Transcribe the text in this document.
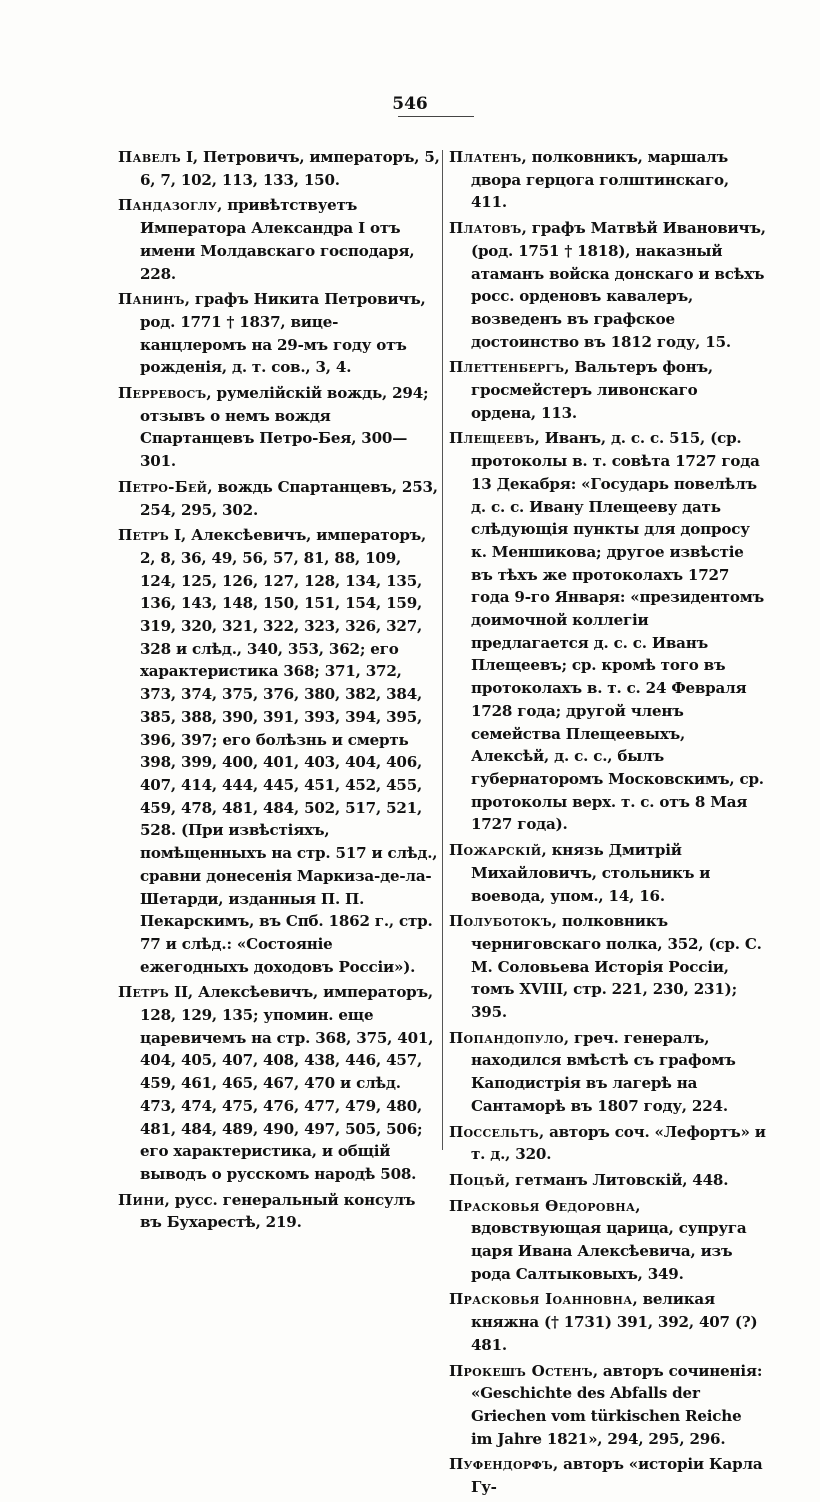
546

Павелъ I, Петровичъ, императоръ, 5, 6, 7, 102, 113, 133, 150.

Пандазоглу, привѣтствуетъ Императора Александра I отъ имени Молдавскаго господаря, 228.

Панинъ, графъ Никита Петровичъ, род. 1771 † 1837, вице-канцлеромъ на 29-мъ году отъ рожденія, д. т. сов., 3, 4.

Перревосъ, румелійскій вождь, 294; отзывъ о немъ вождя Спартанцевъ Петро-Бея, 300—301.

Петро-Бей, вождь Спартанцевъ, 253, 254, 295, 302.

Петръ I, Алексѣевичъ, императоръ, 2, 8, 36, 49, 56, 57, 81, 88, 109, 124, 125, 126, 127, 128, 134, 135, 136, 143, 148, 150, 151, 154, 159, 319, 320, 321, 322, 323, 326, 327, 328 и слѣд., 340, 353, 362; его характеристика 368; 371, 372, 373, 374, 375, 376, 380, 382, 384, 385, 388, 390, 391, 393, 394, 395, 396, 397; его болѣзнь и смерть 398, 399, 400, 401, 403, 404, 406, 407, 414, 444, 445, 451, 452, 455, 459, 478, 481, 484, 502, 517, 521, 528. (При извѣстіяхъ, помѣщенныхъ на стр. 517 и слѣд., сравни донесенія Маркиза-де-ла-Шетарди, изданныя П. П. Пекарскимъ, въ Спб. 1862 г., стр. 77 и слѣд.: «Состояніе ежегодныхъ доходовъ Россіи»).

Петръ II, Алексѣевичъ, императоръ, 128, 129, 135; упомин. еще царевичемъ на стр. 368, 375, 401, 404, 405, 407, 408, 438, 446, 457, 459, 461, 465, 467, 470 и слѣд. 473, 474, 475, 476, 477, 479, 480, 481, 484, 489, 490, 497, 505, 506; его характеристика, и общій выводъ о русскомъ народѣ 508.

Пини, русс. генеральный консулъ въ Бухарестѣ, 219.

Платенъ, полковникъ, маршалъ двора герцога голштинскаго, 411.

Платовъ, графъ Матвѣй Ивановичъ, (род. 1751 † 1818), наказный атаманъ войска донскаго и всѣхъ росс. орденовъ кавалеръ, возведенъ въ графское достоинство въ 1812 году, 15.

Плеттенбергъ, Вальтеръ фонъ, гросмейстеръ ливонскаго ордена, 113.

Плещеевъ, Иванъ, д. с. с. 515, (ср. протоколы в. т. совѣта 1727 года 13 Декабря: «Государь повелѣлъ д. с. с. Ивану Плещееву дать слѣдующія пункты для допросу к. Меншикова; другое извѣстіе въ тѣхъ же протоколахъ 1727 года 9-го Января: «президентомъ доимочной коллегіи предлагается д. с. с. Иванъ Плещеевъ; ср. кромѣ того въ протоколахъ в. т. с. 24 Февраля 1728 года; другой членъ семейства Плещеевыхъ, Алексѣй, д. с. с., былъ губернаторомъ Московскимъ, ср. протоколы верх. т. с. отъ 8 Мая 1727 года).

Пожарскій, князь Дмитрій Михайловичъ, стольникъ и воевода, упом., 14, 16.

Полуботокъ, полковникъ черниговскаго полка, 352, (ср. С. М. Соловьева Исторія Россіи, томъ XVIII, стр. 221, 230, 231); 395.

Попандопуло, греч. генералъ, находился вмѣстѣ съ графомъ Каподистрія въ лагерѣ на Сантаморѣ въ 1807 году, 224.

Поссельтъ, авторъ соч. «Лефортъ» и т. д., 320.

Поцѣй, гетманъ Литовскій, 448.

Прасковья Ѳедоровна, вдовствующая царица, супруга царя Ивана Алексѣевича, изъ рода Салтыковыхъ, 349.

Прасковья Іоанновна, великая княжна († 1731) 391, 392, 407 (?) 481.

Прокешъ Остенъ, авторъ сочиненія: «Geschichte des Abfalls der Griechen vom türkischen Reiche im Jahre 1821», 294, 295, 296.

Пуфендорфъ, авторъ «исторіи Карла Гу-
